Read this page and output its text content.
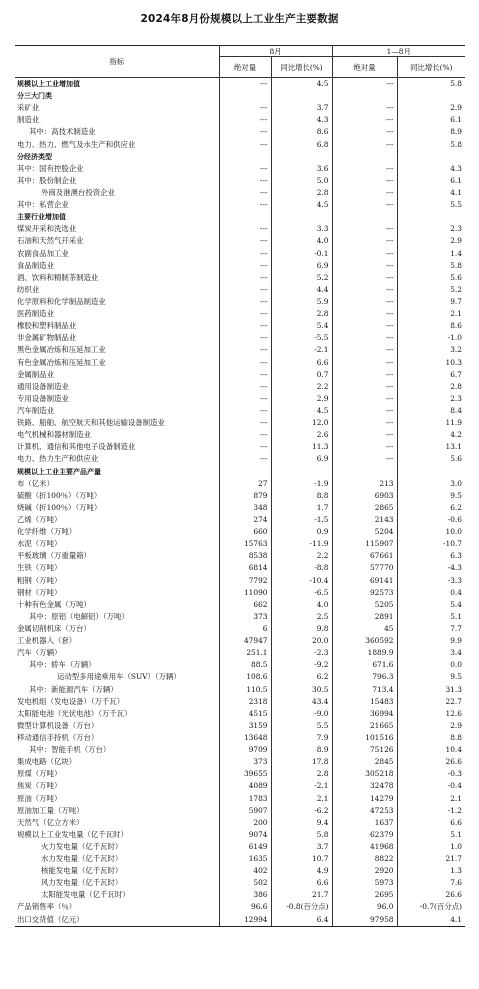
2024年8月份规模以上工业生产主要数据
指标	8月		1—8月	
	绝对量	同比增长(%)	绝对量	同比增长(%)
规模以上工业增加值	---	4.5	---	5.8
分三大门类				
采矿业	---	3.7	---	2.9
制造业	---	4.3	---	6.1
其中：高技术制造业	---	8.6	---	8.9
电力、热力、燃气及水生产和供应业	---	6.8	---	5.8
分经济类型				
其中：国有控股企业	---	3.6	---	4.3
其中：股份制企业	---	5.0	---	6.1
外商及港澳台投资企业	---	2.8	---	4.1
其中：私营企业	---	4.5	---	5.5
主要行业增加值				
煤炭开采和洗选业	---	3.3	---	2.3
石油和天然气开采业	---	4.0	---	2.9
农副食品加工业	---	-0.1	---	1.4
食品制造业	---	6.9	---	5.8
酒、饮料和精制茶制造业	---	5.2	---	5.6
纺织业	---	4.4	---	5.2
化学原料和化学制品制造业	---	5.9	---	9.7
医药制造业	---	2.8	---	2.1
橡胶和塑料制品业	---	5.4	---	8.6
非金属矿物制品业	---	-5.5	---	-1.0
黑色金属冶炼和压延加工业	---	-2.1	---	3.2
有色金属冶炼和压延加工业	---	6.6	---	10.3
金属制品业	---	0.7	---	6.7
通用设备制造业	---	2.2	---	2.8
专用设备制造业	---	2.9	---	2.3
汽车制造业	---	4.5	---	8.4
铁路、船舶、航空航天和其他运输设备制造业	---	12.0	---	11.9
电气机械和器材制造业	---	2.6	---	4.2
计算机、通信和其他电子设备制造业	---	11.3	---	13.1
电力、热力生产和供应业	---	6.9	---	5.6
规模以上工业主要产品产量				
布（亿米）	27	-1.9	213	3.0
硫酸（折100％）（万吨）	879	8.8	6903	9.5
烧碱（折100％）（万吨）	348	1.7	2865	6.2
乙烯（万吨）	274	-1.5	2143	-0.6
化学纤维（万吨）	660	0.9	5204	10.0
水泥（万吨）	15763	-11.9	115907	-10.7
平板玻璃（万重量箱）	8538	2.2	67661	6.3
生铁（万吨）	6814	-8.8	57770	-4.3
粗钢（万吨）	7792	-10.4	69141	-3.3
钢材（万吨）	11090	-6.5	92573	0.4
十种有色金属（万吨）	662	4.0	5205	5.4
其中：原铝（电解铝）（万吨）	373	2.5	2891	5.1
金属切削机床（万台）	6	9.8	45	7.7
工业机器人（套）	47947	20.0	360592	9.9
汽车（万辆）	251.1	-2.3	1889.9	3.4
其中：轿车（万辆）	88.5	-9.2	671.6	0.0
运动型多用途乘用车（SUV）（万辆）	108.6	6.2	796.3	9.5
其中：新能源汽车（万辆）	110.5	30.5	713.4	31.3
发电机组（发电设备）（万千瓦）	2318	43.4	15483	22.7
太阳能电池（光伏电池）（万千瓦）	4515	-9.0	36994	12.6
微型计算机设备（万台）	3159	5.5	21665	2.9
移动通信手持机（万台）	13648	7.9	101516	8.8
其中：智能手机（万台）	9709	8.9	75126	10.4
集成电路（亿块）	373	17.8	2845	26.6
原煤（万吨）	39655	2.8	305218	-0.3
焦炭（万吨）	4089	-2.1	32478	-0.4
原油（万吨）	1783	2.1	14279	2.1
原油加工量（万吨）	5907	-6.2	47253	-1.2
天然气（亿立方米）	200	9.4	1637	6.6
规模以上工业发电量（亿千瓦时）	9074	5.8	62379	5.1
火力发电量（亿千瓦时）	6149	3.7	41968	1.0
水力发电量（亿千瓦时）	1635	10.7	8822	21.7
核能发电量（亿千瓦时）	402	4.9	2920	1.3
风力发电量（亿千瓦时）	502	6.6	5973	7.6
太阳能发电量（亿千瓦时）	386	21.7	2695	26.6
产品销售率（％）	96.6	-0.8(百分点)	96.0	-0.7(百分点)
出口交货值（亿元）	12994	6.4	97958	4.1
